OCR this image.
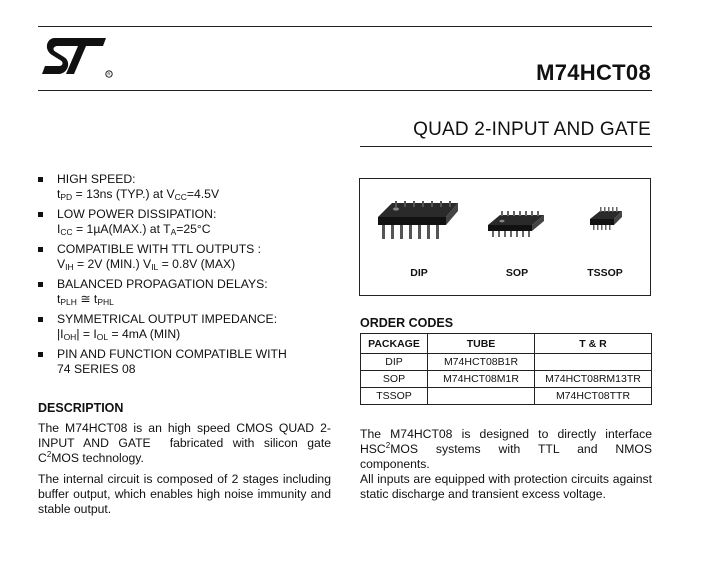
R	M74HCT08
QUAD 2-INPUT AND GATE
HIGH SPEED:
$t_{PD} = 13ns$ (TYP.) at $V_{CC}=4.5V$
LOW POWER DISSIPATION:
$I_{CC} = 1\mu A(MAX.)$ at $T_A=25^\circ C$
COMPATIBLE WITH TTL OUTPUTS :
$V_{IH} = 2V$ (MIN.) $V_{IL} = 0.8V$ (MAX)
BALANCED PROPAGATION DELAYS:
$t_{PLH}$ ≅ $t_{PHL}$
SYMMETRICAL OUTPUT IMPEDANCE:
$|I_{OH}| = I_{OL} = 4mA$ (MIN)
PIN AND FUNCTION COMPATIBLE WITH
74 SERIES 08
DIP	SOP	TSSOP
ORDER CODES
PACKAGE	TUBE	T & R
DIP	M74HCT08B1R	
SOP	M74HCT08M1R	M74HCT08RM13TR
TSSOP		M74HCT08TTR
DESCRIPTION
The M74HCT08 is an high speed CMOS QUAD 2-INPUT AND GATE  fabricated with silicon gate $C^2MOS$ technology.
The internal circuit is composed of 2 stages including buffer output, which enables high noise immunity and stable output.
The M74HCT08 is designed to directly interface HSC$^2$MOS systems with TTL and NMOS components.
All inputs are equipped with protection circuits against static discharge and transient excess voltage.
